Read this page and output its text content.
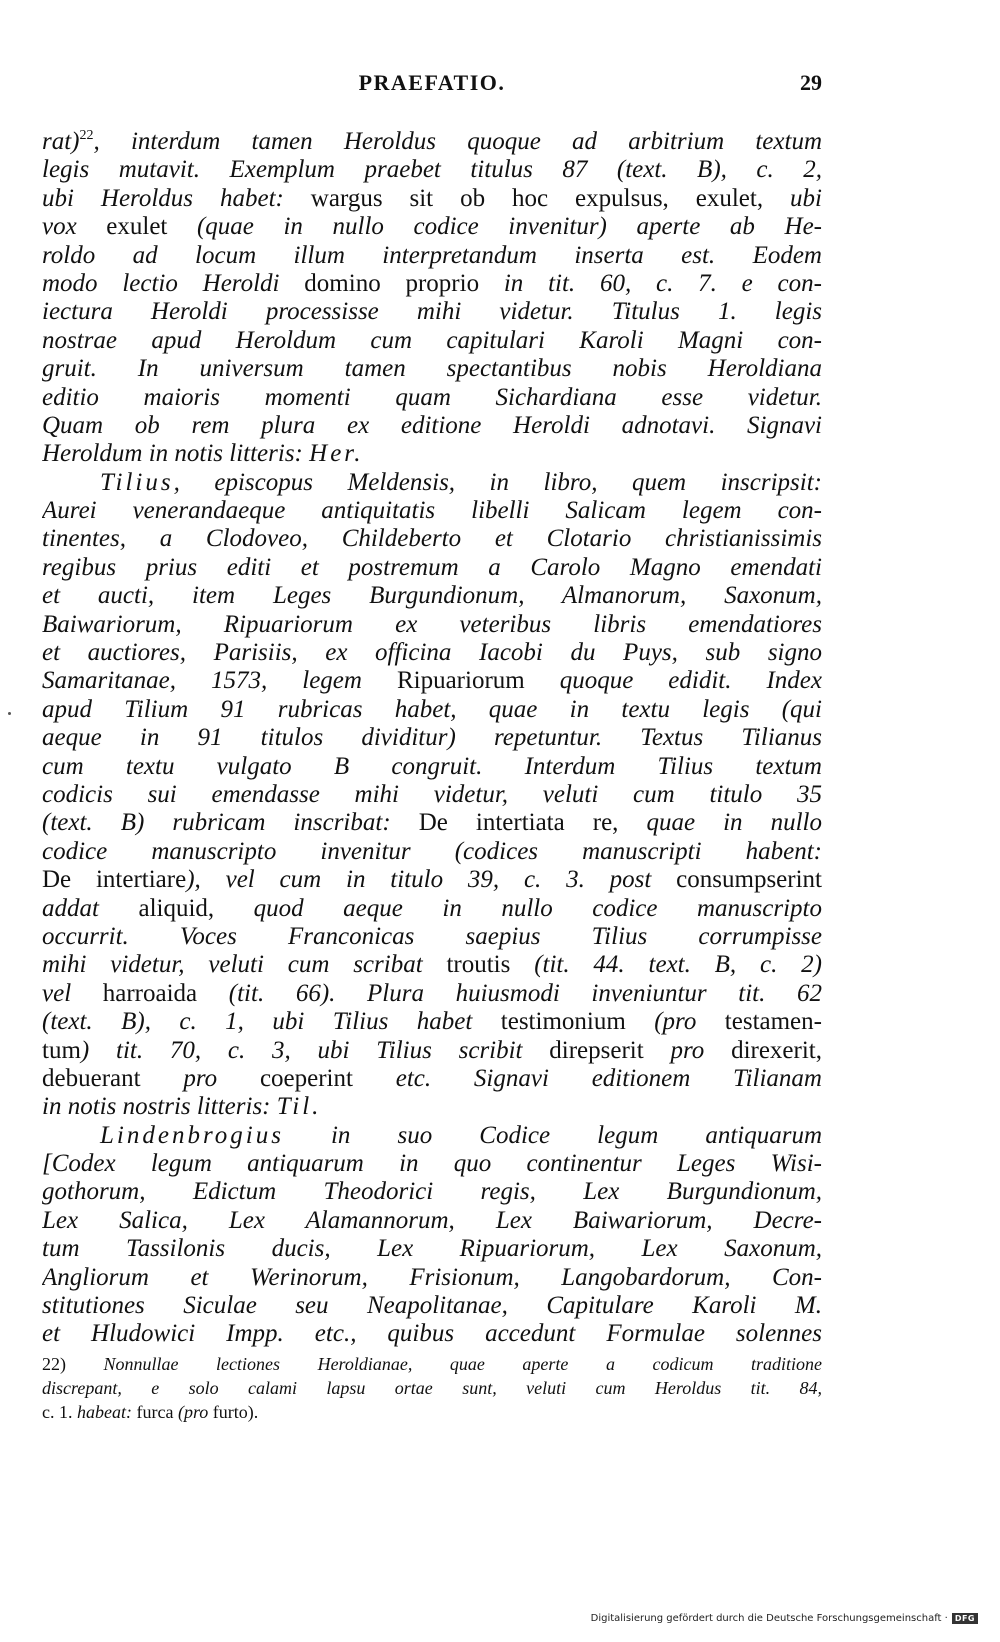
PRAEFATIO.	29
rat)$^{22}$, interdum tamen Heroldus quoque ad arbitrium textum
legis mutavit. Exemplum praebet titulus 87 (text. B), c. 2,
ubi Heroldus habet: wargus sit ob hoc expulsus, exulet, ubi
vox exulet (quae in nullo codice invenitur) aperte ab He-
roldo ad locum illum interpretandum inserta est. Eodem
modo lectio Heroldi domino proprio in tit. 60, c. 7. e con-
iectura Heroldi processisse mihi videtur. Titulus 1. legis
nostrae apud Heroldum cum capitulari Karoli Magni con-
gruit. In universum tamen spectantibus nobis Heroldiana
editio maioris momenti quam Sichardiana esse videtur.
Quam ob rem plura ex editione Heroldi adnotavi. Signavi
Heroldum in notis litteris: Her.
Tilius, episcopus Meldensis, in libro, quem inscripsit:
Aurei venerandaeque antiquitatis libelli Salicam legem con-
tinentes, a Clodoveo, Childeberto et Clotario christianissimis
regibus prius editi et postremum a Carolo Magno emendati
et aucti, item Leges Burgundionum, Almanorum, Saxonum,
Baiwariorum, Ripuariorum ex veteribus libris emendatiores
et auctiores, Parisiis, ex officina Iacobi du Puys, sub signo
Samaritanae, 1573, legem Ripuariorum quoque edidit. Index
apud Tilium 91 rubricas habet, quae in textu legis (qui
aeque in 91 titulos dividitur) repetuntur. Textus Tilianus
cum textu vulgato B congruit. Interdum Tilius textum
codicis sui emendasse mihi videtur, veluti cum titulo 35
(text. B) rubricam inscribat: De intertiata re, quae in nullo
codice manuscripto invenitur (codices manuscripti habent:
De intertiare), vel cum in titulo 39, c. 3. post consumpserint
addat aliquid, quod aeque in nullo codice manuscripto
occurrit. Voces Franconicas saepius Tilius corrumpisse
mihi videtur, veluti cum scribat troutis (tit. 44. text. B, c. 2)
vel harroaida (tit. 66). Plura huiusmodi inveniuntur tit. 62
(text. B), c. 1, ubi Tilius habet testimonium (pro testamen-
tum) tit. 70, c. 3, ubi Tilius scribit direpserit pro direxerit,
debuerant pro coeperint etc. Signavi editionem Tilianam
in notis nostris litteris: Til.
Lindenbrogius in suo Codice legum antiquarum
[Codex legum antiquarum in quo continentur Leges Wisi-
gothorum, Edictum Theodorici regis, Lex Burgundionum,
Lex Salica, Lex Alamannorum, Lex Baiwariorum, Decre-
tum Tassilonis ducis, Lex Ripuariorum, Lex Saxonum,
Angliorum et Werinorum, Frisionum, Langobardorum, Con-
stitutiones Siculae seu Neapolitanae, Capitulare Karoli M.
et Hludowici Impp. etc., quibus accedunt Formulae solennes
22) Nonnullae lectiones Heroldianae, quae aperte a codicum traditione
discrepant, e solo calami lapsu ortae sunt, veluti cum Heroldus tit. 84,
c. 1. habeat: furca (pro furto).
Digitalisierung gefördert durch die Deutsche Forschungsgemeinschaft · DFG
